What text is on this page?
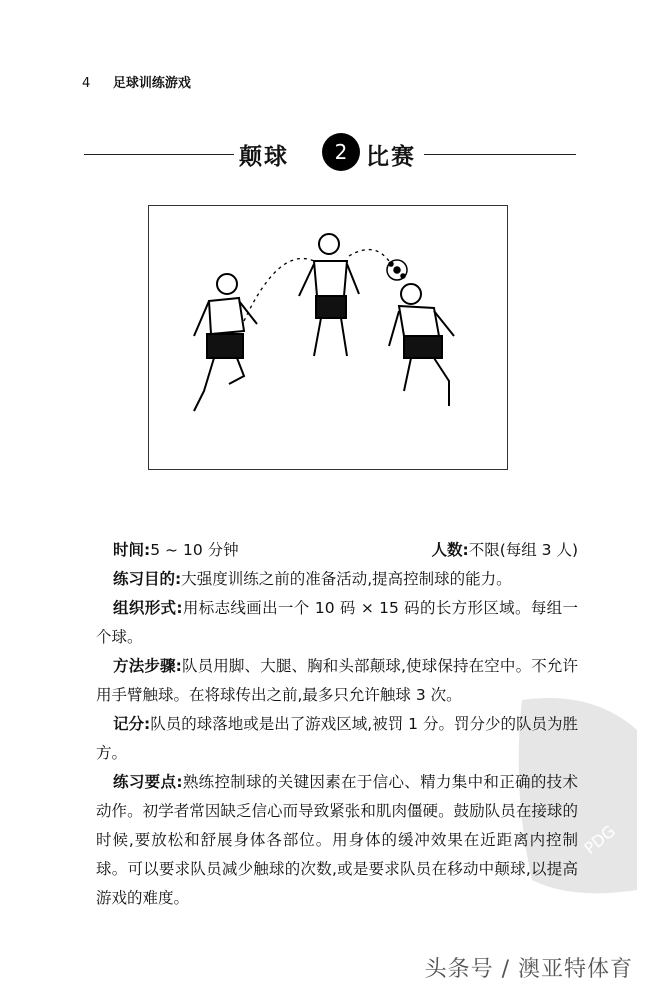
4 足球训练游戏
颠球	2 比赛
PDG
时间:5 ~ 10 分钟	人数:不限(每组 3 人)

练习目的:大强度训练之前的准备活动,提高控制球的能力。

组织形式:用标志线画出一个 10 码 × 15 码的长方形区域。每组一个球。

方法步骤:队员用脚、大腿、胸和头部颠球,使球保持在空中。不允许用手臂触球。在将球传出之前,最多只允许触球 3 次。

记分:队员的球落地或是出了游戏区域,被罚 1 分。罚分少的队员为胜方。

练习要点:熟练控制球的关键因素在于信心、精力集中和正确的技术动作。初学者常因缺乏信心而导致紧张和肌肉僵硬。鼓励队员在接球的时候,要放松和舒展身体各部位。用身体的缓冲效果在近距离内控制球。可以要求队员减少触球的次数,或是要求队员在移动中颠球,以提高游戏的难度。

头条号 / 澳亚特体育
